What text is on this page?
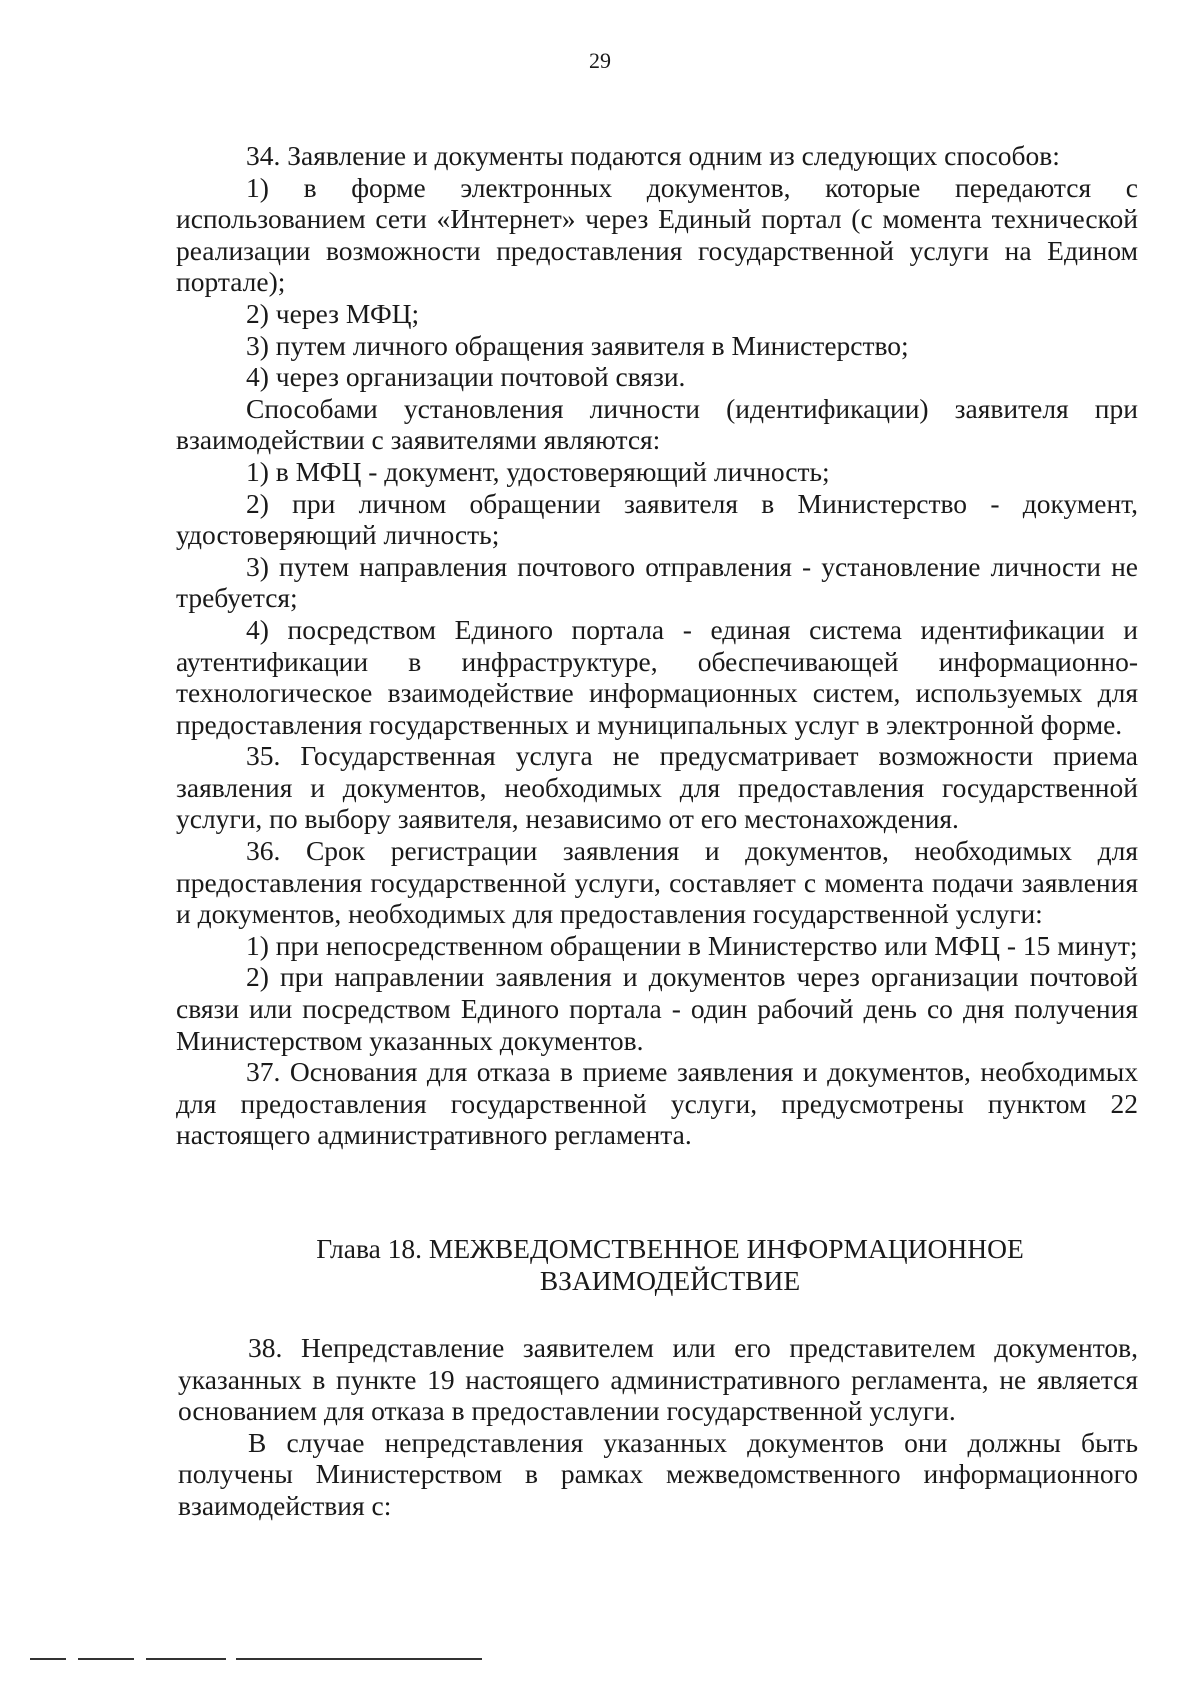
29

34. Заявление и документы подаются одним из следующих способов:

1) в форме электронных документов, которые передаются с использованием сети «Интернет» через Единый портал (с момента технической реализации возможности предоставления государственной услуги на Едином портале);

2) через МФЦ;

3) путем личного обращения заявителя в Министерство;

4) через организации почтовой связи.

Способами установления личности (идентификации) заявителя при взаимодействии с заявителями являются:

1) в МФЦ - документ, удостоверяющий личность;

2) при личном обращении заявителя в Министерство - документ, удостоверяющий личность;

3) путем направления почтового отправления - установление личности не требуется;

4) посредством Единого портала - единая система идентификации и аутентификации в инфраструктуре, обеспечивающей информационно-технологическое взаимодействие информационных систем, используемых для предоставления государственных и муниципальных услуг в электронной форме.

35. Государственная услуга не предусматривает возможности приема заявления и документов, необходимых для предоставления государственной услуги, по выбору заявителя, независимо от его местонахождения.

36. Срок регистрации заявления и документов, необходимых для предоставления государственной услуги, составляет с момента подачи заявления и документов, необходимых для предоставления государственной услуги:

1) при непосредственном обращении в Министерство или МФЦ - 15 минут;

2) при направлении заявления и документов через организации почтовой связи или посредством Единого портала - один рабочий день со дня получения Министерством указанных документов.

37. Основания для отказа в приеме заявления и документов, необходимых для предоставления государственной услуги, предусмотрены пунктом 22 настоящего административного регламента.

Глава 18. МЕЖВЕДОМСТВЕННОЕ ИНФОРМАЦИОННОЕ
ВЗАИМОДЕЙСТВИЕ

38. Непредставление заявителем или его представителем документов, указанных в пункте 19 настоящего административного регламента, не является основанием для отказа в предоставлении государственной услуги.

В случае непредставления указанных документов они должны быть получены Министерством в рамках межведомственного информационного взаимодействия с:
